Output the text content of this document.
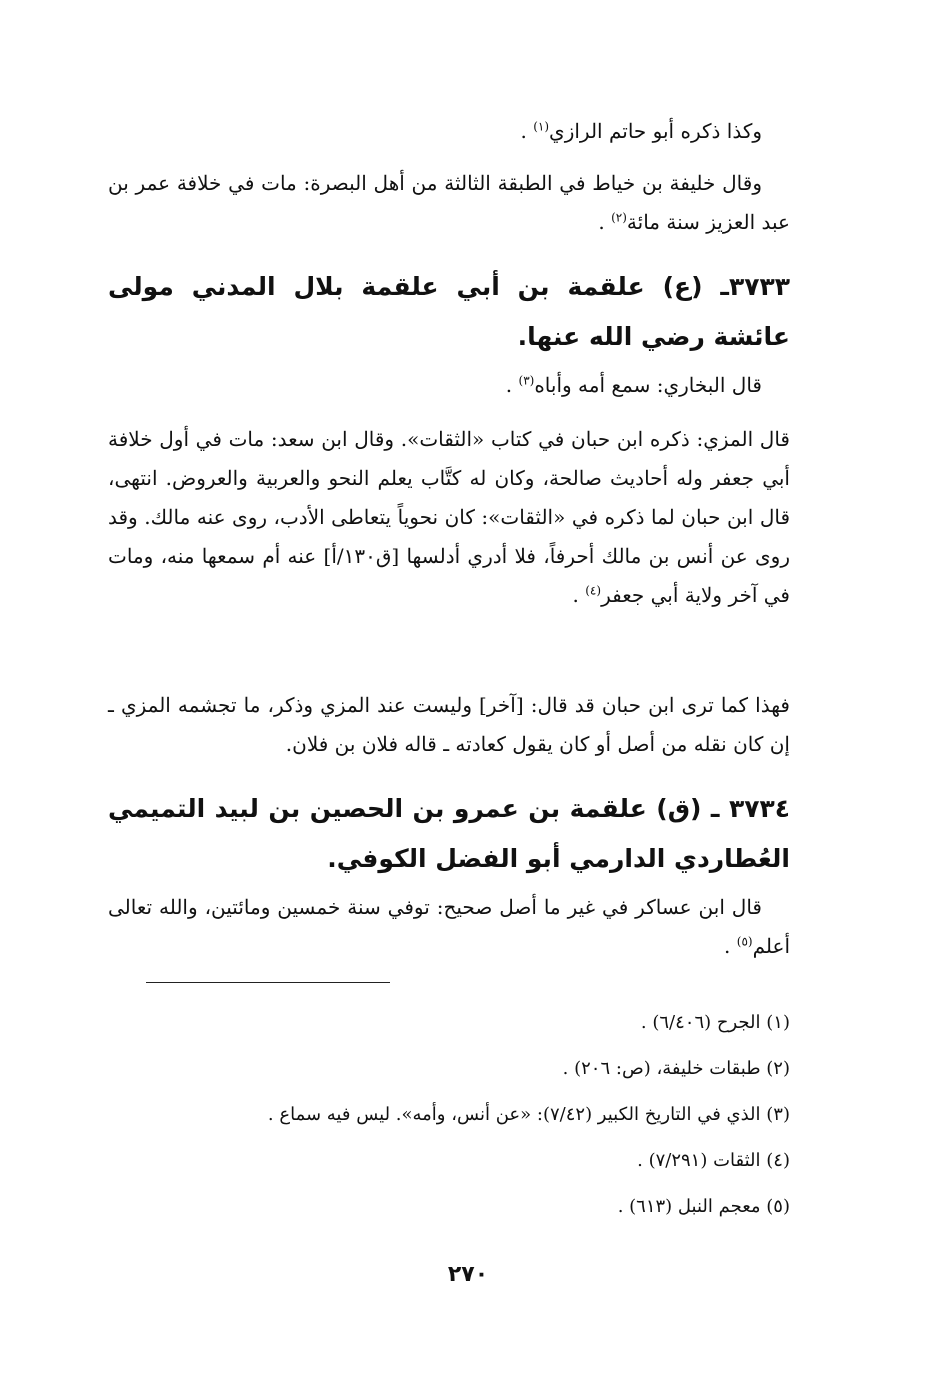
وكذا ذكره أبو حاتم الرازي$^{(١)}$ .

وقال خليفة بن خياط في الطبقة الثالثة من أهل البصرة: مات في خلافة عمر بن عبد العزيز سنة مائة$^{(٢)}$ .

٣٧٣٣ـ (ع) علقمة بن أبي علقمة بلال المدني مولى عائشة رضي الله عنها.

قال البخاري: سمع أمه وأباه$^{(٣)}$ .

قال المزي: ذكره ابن حبان في كتاب «الثقات». وقال ابن سعد: مات في أول خلافة أبي جعفر وله أحاديث صالحة، وكان له كتَّاب يعلم النحو والعربية والعروض. انتهى، قال ابن حبان لما ذكره في «الثقات»: كان نحوياً يتعاطى الأدب، روى عنه مالك. وقد روى عن أنس بن مالك أحرفاً، فلا أدري أدلسها [ق١٣٠/أ] عنه أم سمعها منه، ومات في آخر ولاية أبي جعفر$^{(٤)}$ .

فهذا كما ترى ابن حبان قد قال: [آخر] وليست عند المزي وذكر، ما تجشمه المزي ـ إن كان نقله من أصل أو كان يقول كعادته ـ قاله فلان بن فلان.

٣٧٣٤ ـ (ق) علقمة بن عمرو بن الحصين بن لبيد التميمي العُطاردي الدارمي أبو الفضل الكوفي.

قال ابن عساكر في غير ما أصل صحيح: توفي سنة خمسين ومائتين، والله تعالى أعلم$^{(٥)}$ .

(١) الجرح (٦/٤٠٦) .

(٢) طبقات خليفة، (ص: ٢٠٦) .

(٣) الذي في التاريخ الكبير (٧/٤٢): «عن أنس، وأمه». ليس فيه سماع .

(٤) الثقات (٧/٢٩١) .

(٥) معجم النبل (٦١٣) .

٢٧٠
